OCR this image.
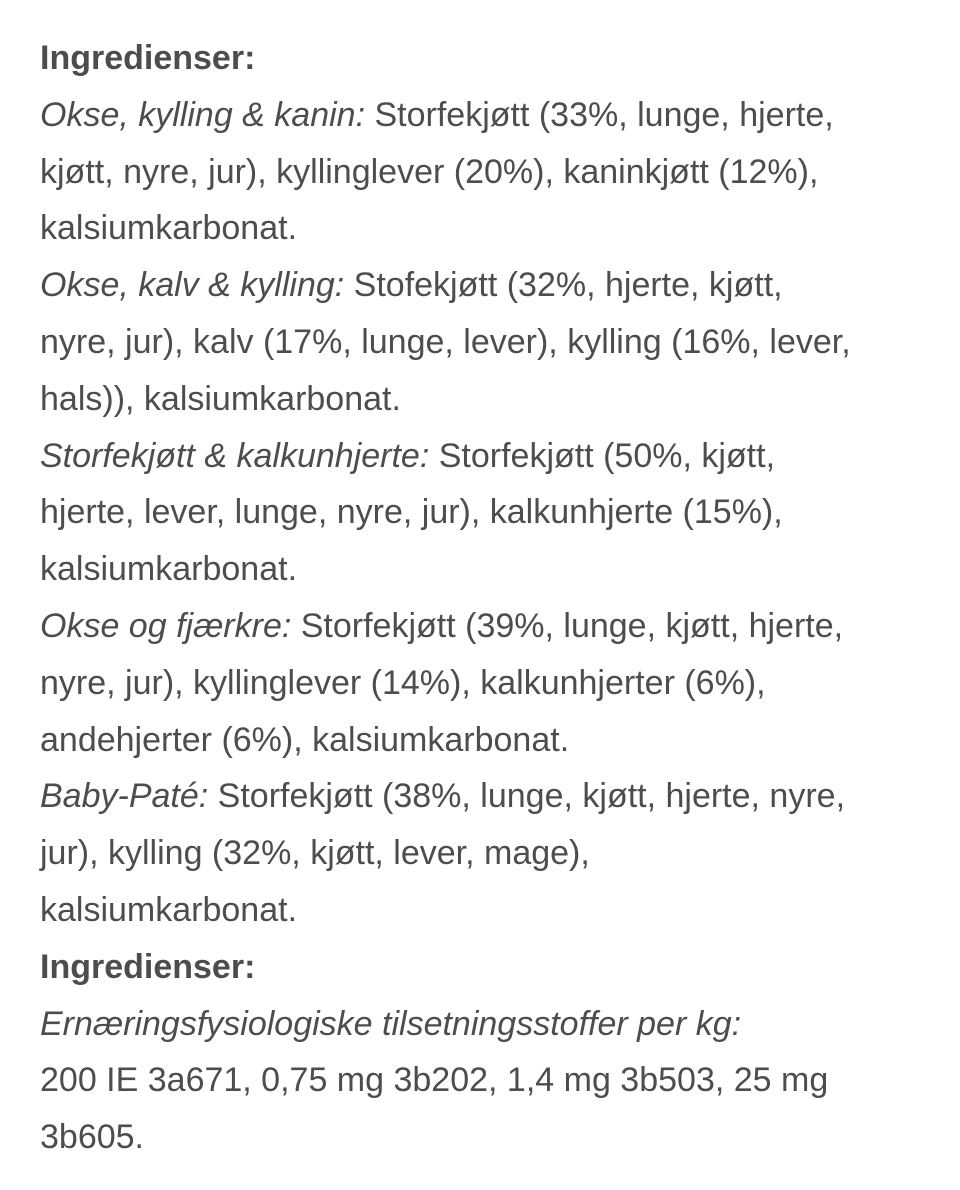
Ingredienser:

Okse, kylling & kanin: Storfekjøtt (33%, lunge, hjerte,
kjøtt, nyre, jur), kyllinglever (20%), kaninkjøtt (12%),
kalsiumkarbonat.
Okse, kalv & kylling: Stofekjøtt (32%, hjerte, kjøtt,
nyre, jur), kalv (17%, lunge, lever), kylling (16%, lever,
hals)), kalsiumkarbonat.
Storfekjøtt & kalkunhjerte: Storfekjøtt (50%, kjøtt,
hjerte, lever, lunge, nyre, jur), kalkunhjerte (15%),
kalsiumkarbonat.
Okse og fjærkre: Storfekjøtt (39%, lunge, kjøtt, hjerte,
nyre, jur), kyllinglever (14%), kalkunhjerter (6%),
andehjerter (6%), kalsiumkarbonat.
Baby-Paté: Storfekjøtt (38%, lunge, kjøtt, hjerte, nyre,
jur), kylling (32%, kjøtt, lever, mage),
kalsiumkarbonat.

Ingredienser:

Ernæringsfysiologiske tilsetningsstoffer per kg:
200 IE 3a671, 0,75 mg 3b202, 1,4 mg 3b503, 25 mg
3b605.
